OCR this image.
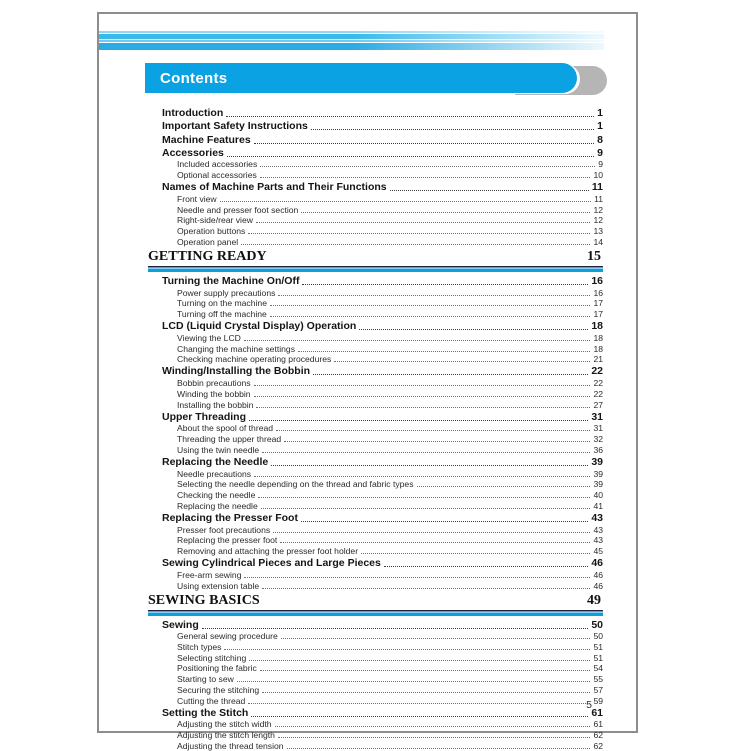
Contents
Introduction	1
Important Safety Instructions	1
Machine Features	8
Accessories	9
Included accessories	9
Optional accessories	10
Names of Machine Parts and Their Functions	11
Front view	11
Needle and presser foot section	12
Right-side/rear view	12
Operation buttons	13
Operation panel	14
GETTING READY	15
Turning the Machine On/Off	16
Power supply precautions	16
Turning on the machine	17
Turning off the machine	17
LCD (Liquid Crystal Display) Operation	18
Viewing the LCD	18
Changing the machine settings	18
Checking machine operating procedures	21
Winding/Installing the Bobbin	22
Bobbin precautions	22
Winding the bobbin	22
Installing the bobbin	27
Upper Threading	31
About the spool of thread	31
Threading the upper thread	32
Using the twin needle	36
Replacing the Needle	39
Needle precautions	39
Selecting the needle depending on the thread and fabric types	39
Checking the needle	40
Replacing the needle	41
Replacing the Presser Foot	43
Presser foot precautions	43
Replacing the presser foot	43
Removing and attaching the presser foot holder	45
Sewing Cylindrical Pieces and Large Pieces	46
Free-arm sewing	46
Using extension table	46
SEWING BASICS	49
Sewing	50
General sewing procedure	50
Stitch types	51
Selecting stitching	51
Positioning the fabric	54
Starting to sew	55
Securing the stitching	57
Cutting the thread	59
Setting the Stitch	61
Adjusting the stitch width	61
Adjusting the stitch length	62
Adjusting the thread tension	62
5
